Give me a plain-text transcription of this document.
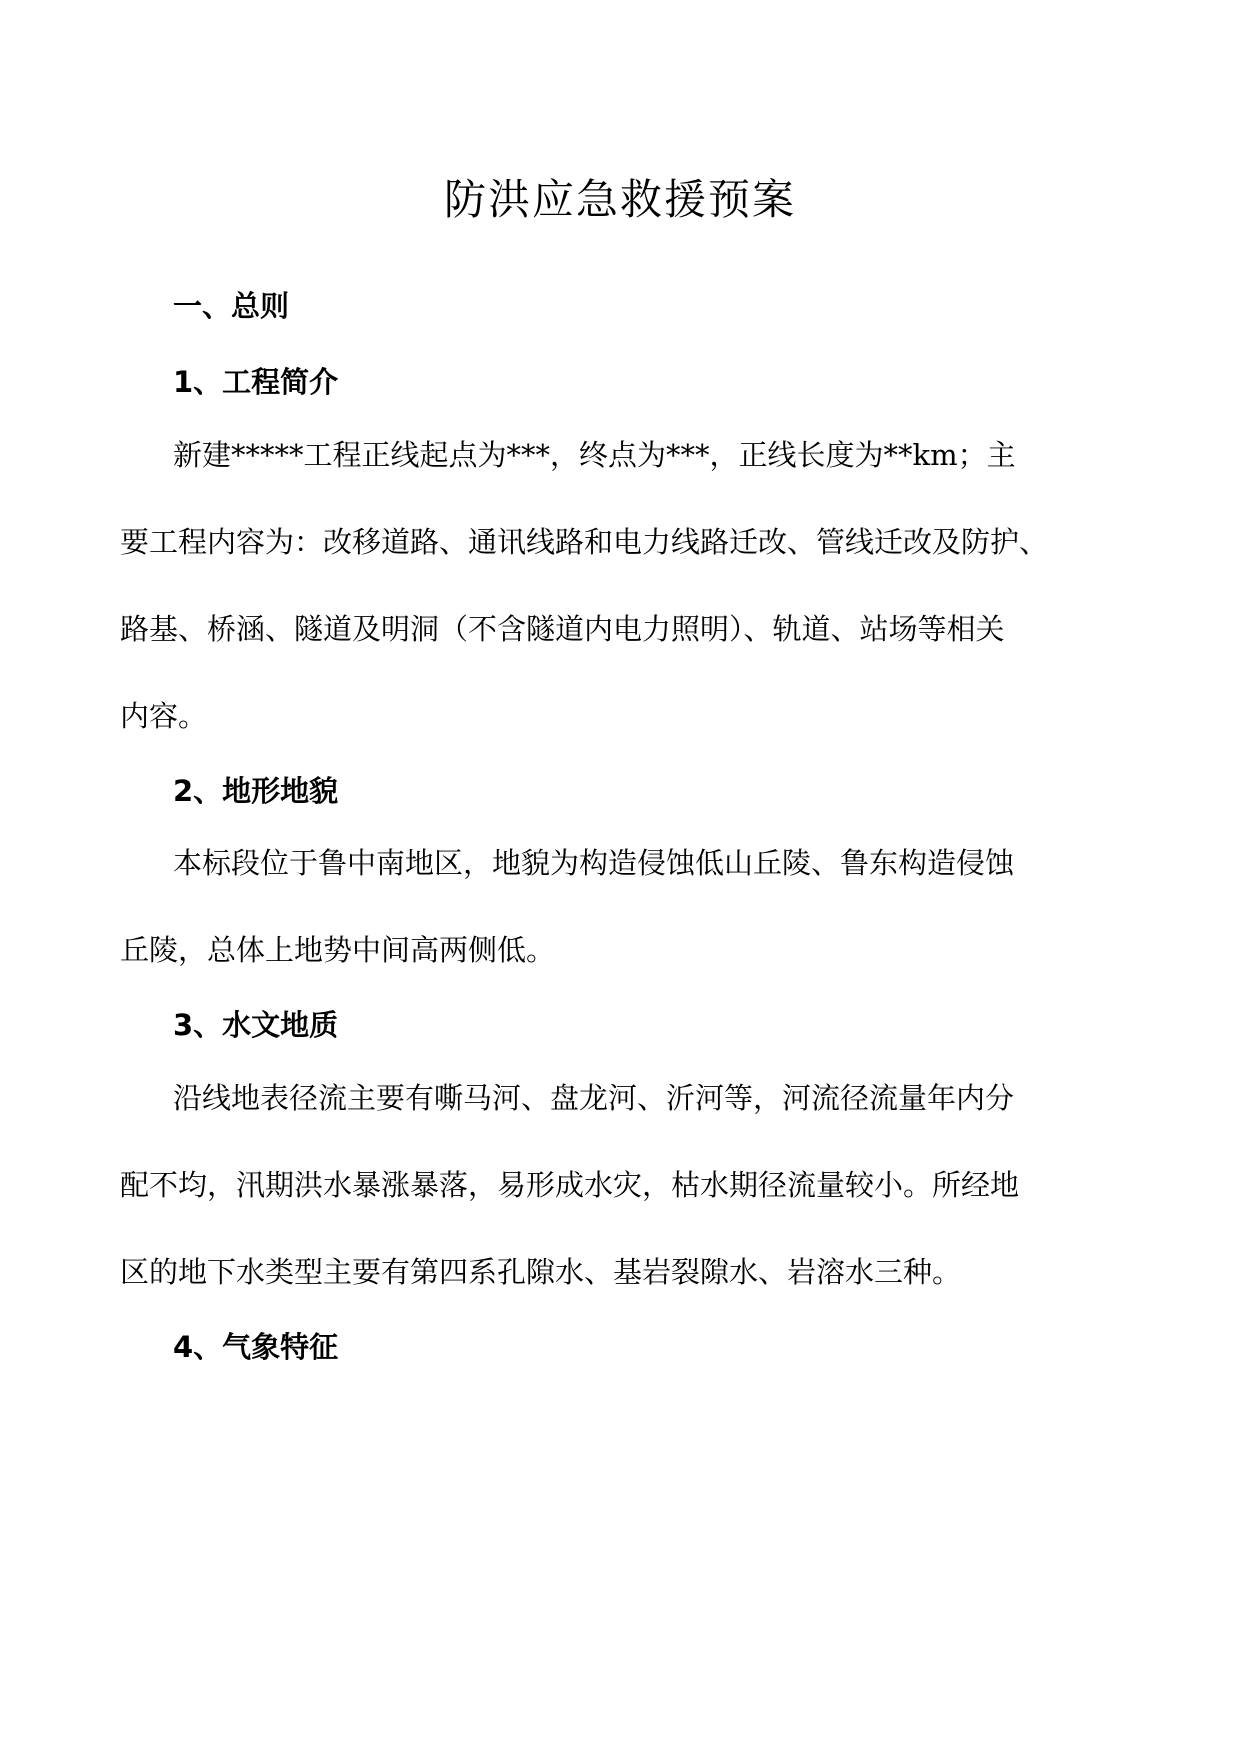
防洪应急救援预案
一、总则
1、工程简介
新建*****工程正线起点为***，终点为***，正线长度为**km；主
要工程内容为：改移道路、通讯线路和电力线路迁改、管线迁改及防护、
路基、桥涵、隧道及明洞（不含隧道内电力照明）、轨道、站场等相关
内容。
2、地形地貌
本标段位于鲁中南地区，地貌为构造侵蚀低山丘陵、鲁东构造侵蚀
丘陵，总体上地势中间高两侧低。
3、水文地质
沿线地表径流主要有嘶马河、盘龙河、沂河等，河流径流量年内分
配不均，汛期洪水暴涨暴落，易形成水灾，枯水期径流量较小。所经地
区的地下水类型主要有第四系孔隙水、基岩裂隙水、岩溶水三种。
4、气象特征
